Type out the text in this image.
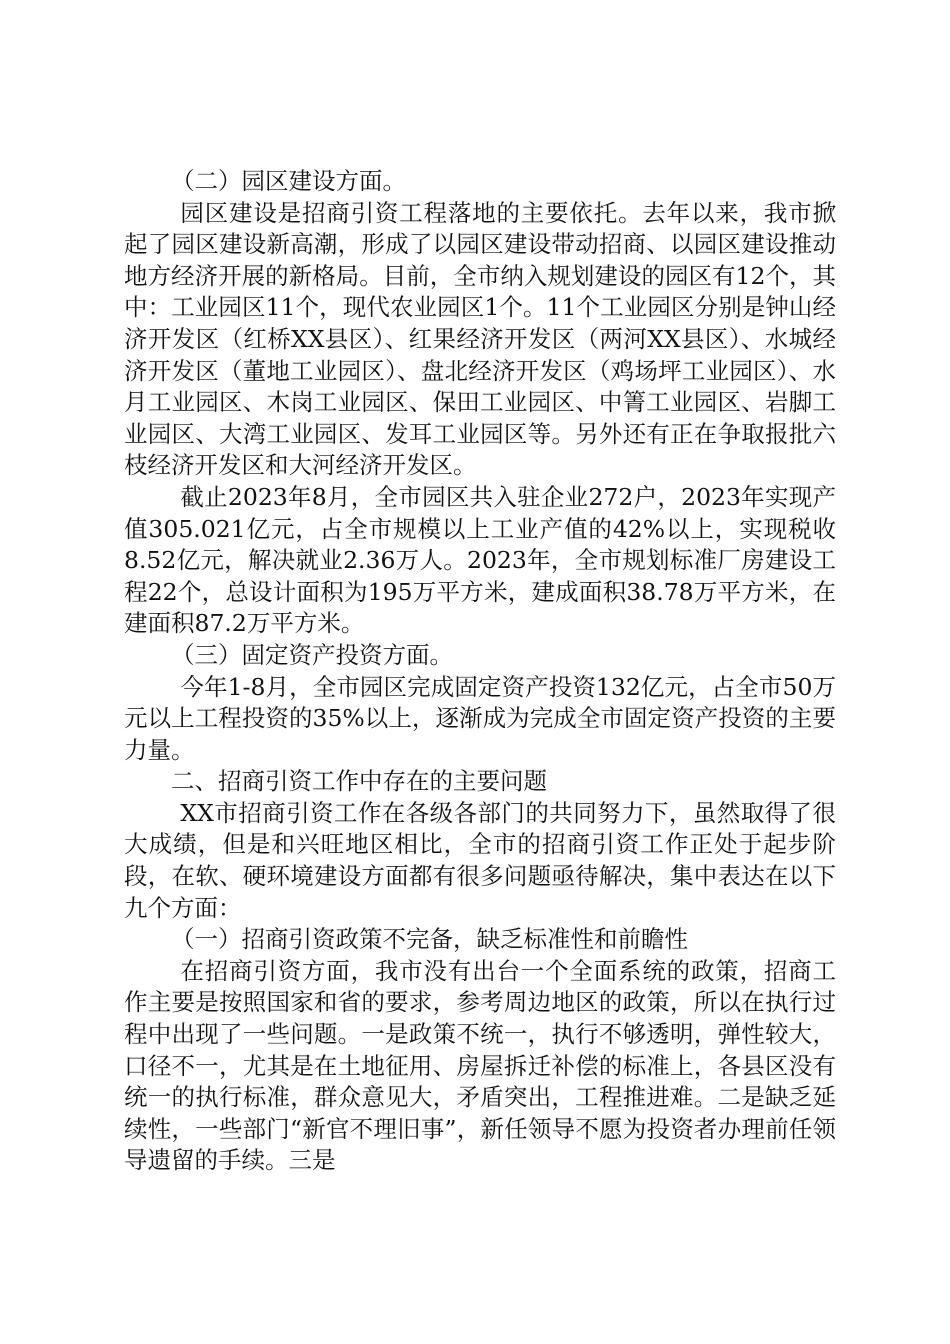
（二）园区建设方面。

园区建设是招商引资工程落地的主要依托。去年以来，我市掀起了园区建设新高潮，形成了以园区建设带动招商、以园区建设推动地方经济开展的新格局。目前，全市纳入规划建设的园区有12个，其中：工业园区11个，现代农业园区1个。11个工业园区分别是钟山经济开发区（红桥XX县区）、红果经济开发区（两河XX县区）、水城经济开发区（董地工业园区）、盘北经济开发区（鸡场坪工业园区）、水月工业园区、木岗工业园区、保田工业园区、中箐工业园区、岩脚工业园区、大湾工业园区、发耳工业园区等。另外还有正在争取报批六枝经济开发区和大河经济开发区。

截止2023年8月，全市园区共入驻企业272户，2023年实现产值305.021亿元，占全市规模以上工业产值的42%以上，实现税收8.52亿元，解决就业2.36万人。2023年，全市规划标准厂房建设工程22个，总设计面积为195万平方米，建成面积38.78万平方米，在建面积87.2万平方米。

（三）固定资产投资方面。

今年1-8月，全市园区完成固定资产投资132亿元，占全市50万元以上工程投资的35%以上，逐渐成为完成全市固定资产投资的主要力量。

二、招商引资工作中存在的主要问题

XX市招商引资工作在各级各部门的共同努力下，虽然取得了很大成绩，但是和兴旺地区相比，全市的招商引资工作正处于起步阶段，在软、硬环境建设方面都有很多问题亟待解决，集中表达在以下九个方面：

（一）招商引资政策不完备，缺乏标准性和前瞻性

在招商引资方面，我市没有出台一个全面系统的政策，招商工作主要是按照国家和省的要求，参考周边地区的政策，所以在执行过程中出现了一些问题。一是政策不统一，执行不够透明，弹性较大，口径不一，尤其是在土地征用、房屋拆迁补偿的标准上，各县区没有统一的执行标准，群众意见大，矛盾突出，工程推进难。二是缺乏延续性，一些部门“新官不理旧事”，新任领导不愿为投资者办理前任领导遗留的手续。三是
